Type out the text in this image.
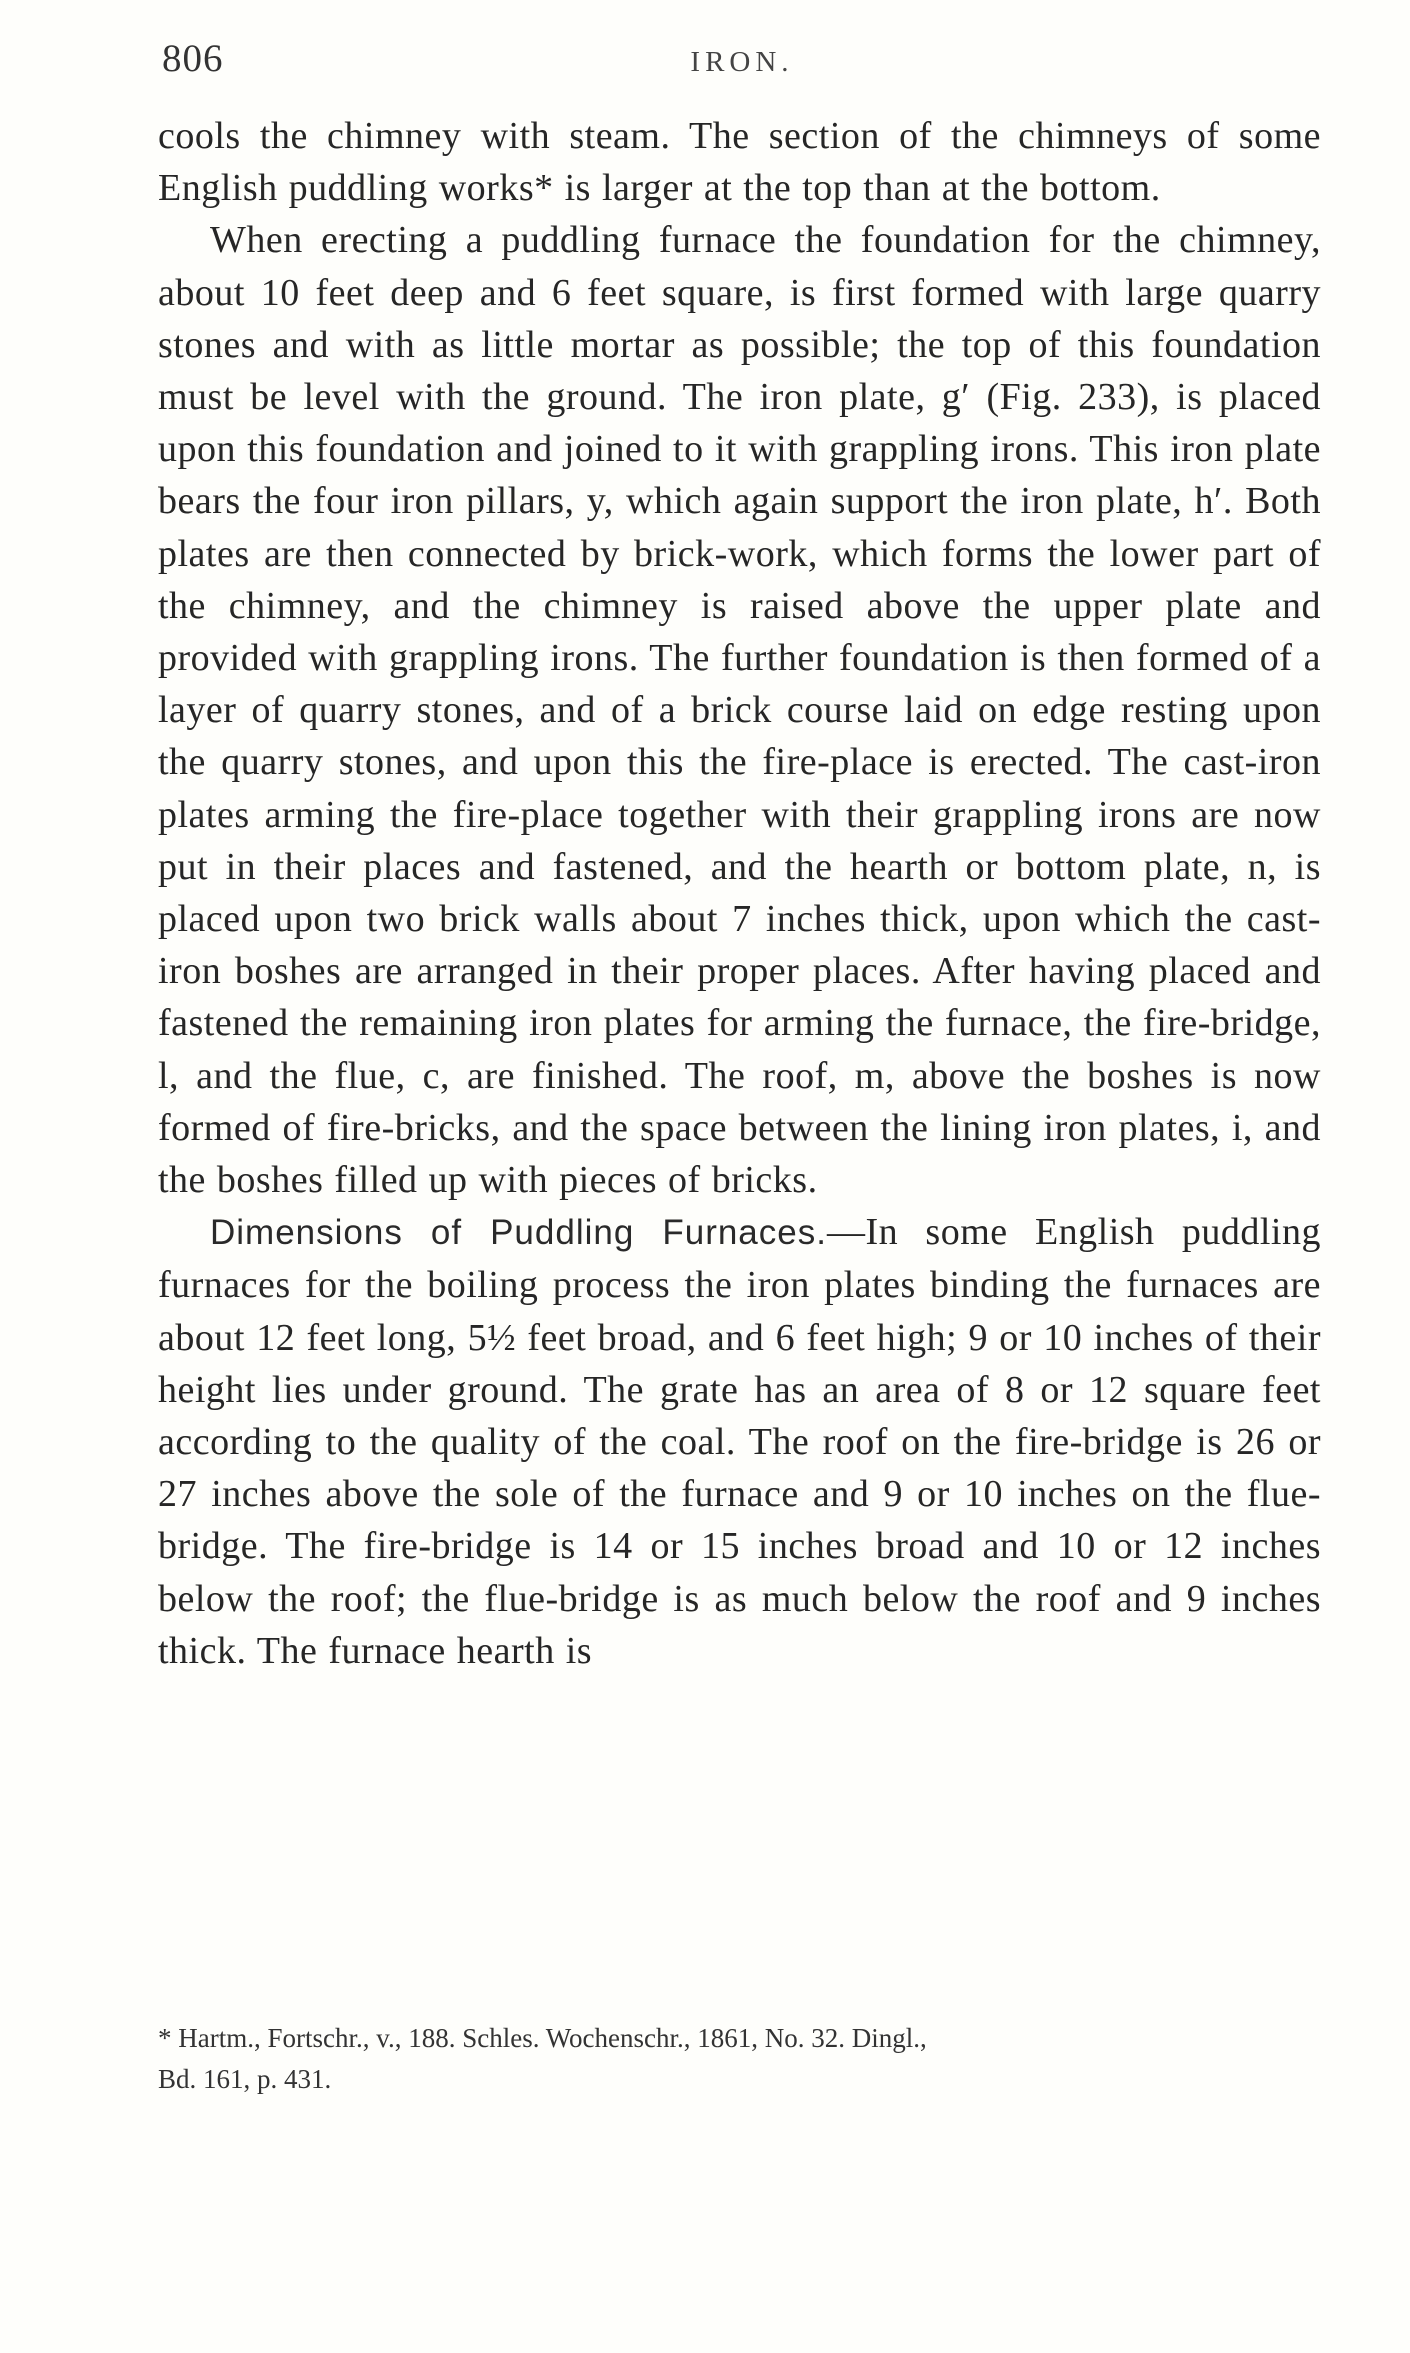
806	IRON.

cools the chimney with steam. The section of the chimneys of some English puddling works* is larger at the top than at the bottom.

When erecting a puddling furnace the foundation for the chimney, about 10 feet deep and 6 feet square, is first formed with large quarry stones and with as little mortar as possible; the top of this foundation must be level with the ground. The iron plate, g′ (Fig. 233), is placed upon this foundation and joined to it with grappling irons. This iron plate bears the four iron pillars, y, which again support the iron plate, h′. Both plates are then connected by brick-work, which forms the lower part of the chimney, and the chimney is raised above the upper plate and provided with grappling irons. The further foundation is then formed of a layer of quarry stones, and of a brick course laid on edge resting upon the quarry stones, and upon this the fire-place is erected. The cast-iron plates arming the fire-place together with their grappling irons are now put in their places and fastened, and the hearth or bottom plate, n, is placed upon two brick walls about 7 inches thick, upon which the cast-iron boshes are arranged in their proper places. After having placed and fastened the remaining iron plates for arming the furnace, the fire-bridge, l, and the flue, c, are finished. The roof, m, above the boshes is now formed of fire-bricks, and the space between the lining iron plates, i, and the boshes filled up with pieces of bricks.

Dimensions of Puddling Furnaces.—In some English puddling furnaces for the boiling process the iron plates binding the furnaces are about 12 feet long, 5½ feet broad, and 6 feet high; 9 or 10 inches of their height lies under ground. The grate has an area of 8 or 12 square feet according to the quality of the coal. The roof on the fire-bridge is 26 or 27 inches above the sole of the furnace and 9 or 10 inches on the flue-bridge. The fire-bridge is 14 or 15 inches broad and 10 or 12 inches below the roof; the flue-bridge is as much below the roof and 9 inches thick. The furnace hearth is

* Hartm., Fortschr., v., 188. Schles. Wochenschr., 1861, No. 32. Dingl.,
Bd. 161, p. 431.
